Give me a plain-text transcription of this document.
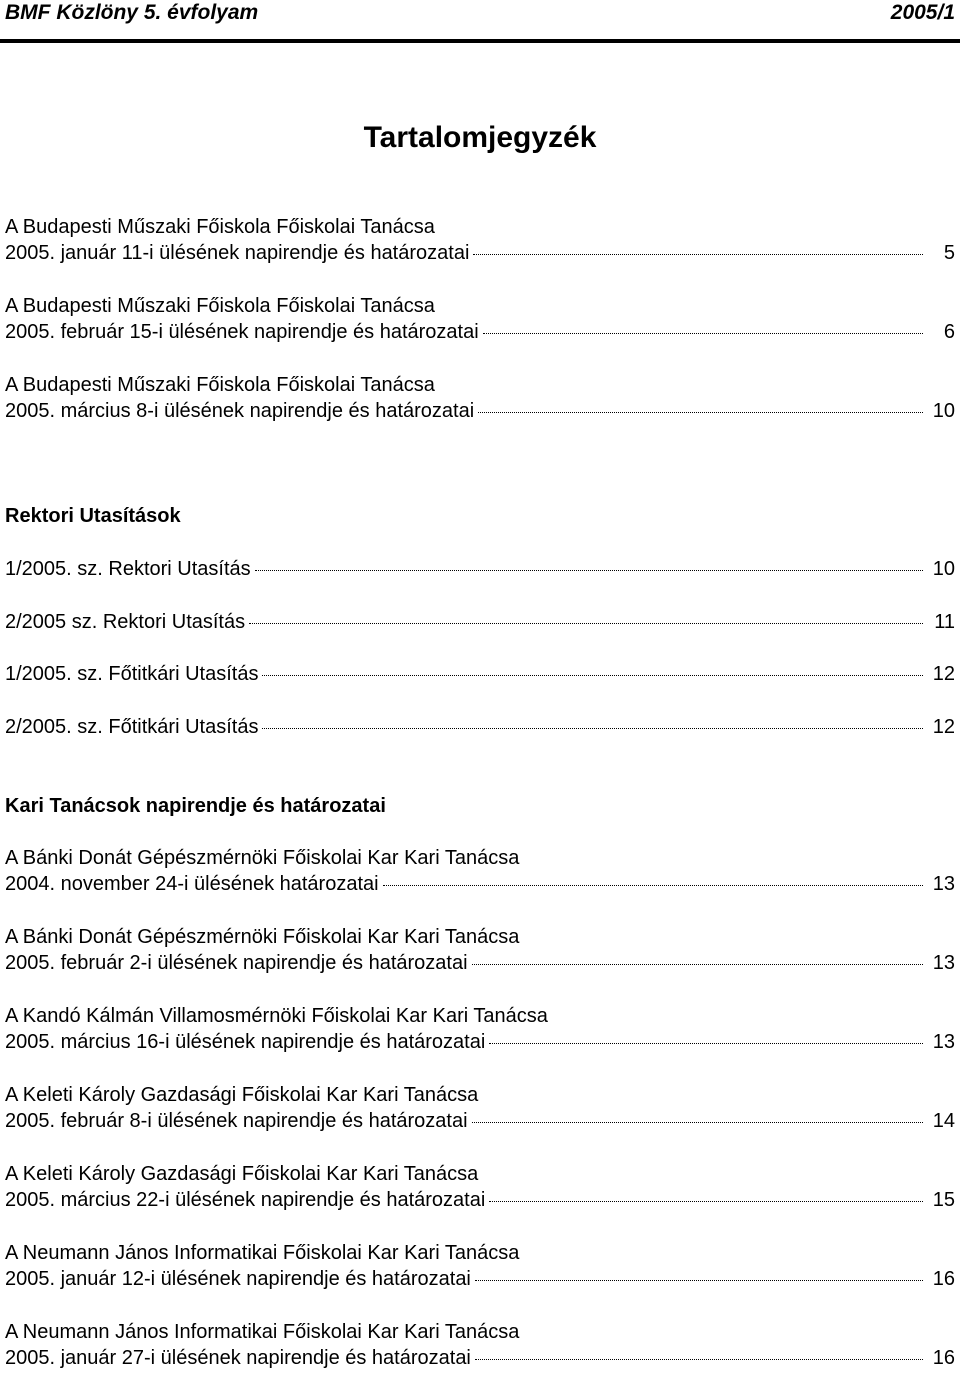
BMF Közlöny 5. évfolyam	2005/1
Tartalomjegyzék
A Budapesti Műszaki Főiskola Főiskolai Tanácsa
2005. január 11-i ülésének napirendje és határozatai	5
A Budapesti Műszaki Főiskola Főiskolai Tanácsa
2005. február 15-i ülésének napirendje és határozatai	6
A Budapesti Műszaki Főiskola Főiskolai Tanácsa
2005. március 8-i ülésének napirendje és határozatai	10
Rektori Utasítások
1/2005. sz. Rektori Utasítás	10
2/2005 sz. Rektori Utasítás	11
1/2005. sz. Főtitkári Utasítás	12
2/2005. sz. Főtitkári Utasítás	12
Kari Tanácsok napirendje és határozatai
A Bánki Donát Gépészmérnöki Főiskolai Kar Kari Tanácsa
2004. november 24-i ülésének határozatai	13
A Bánki Donát Gépészmérnöki Főiskolai Kar Kari Tanácsa
2005. február 2-i ülésének napirendje és határozatai	13
A Kandó Kálmán Villamosmérnöki Főiskolai Kar Kari Tanácsa
2005. március 16-i ülésének napirendje és határozatai	13
A Keleti Károly Gazdasági Főiskolai Kar Kari Tanácsa
2005. február 8-i ülésének napirendje és határozatai	14
A Keleti Károly Gazdasági Főiskolai Kar Kari Tanácsa
2005. március 22-i ülésének napirendje és határozatai	15
A Neumann János Informatikai Főiskolai Kar Kari Tanácsa
2005. január 12-i ülésének napirendje és határozatai	16
A Neumann János Informatikai Főiskolai Kar Kari Tanácsa
2005. január 27-i ülésének napirendje és határozatai	16
